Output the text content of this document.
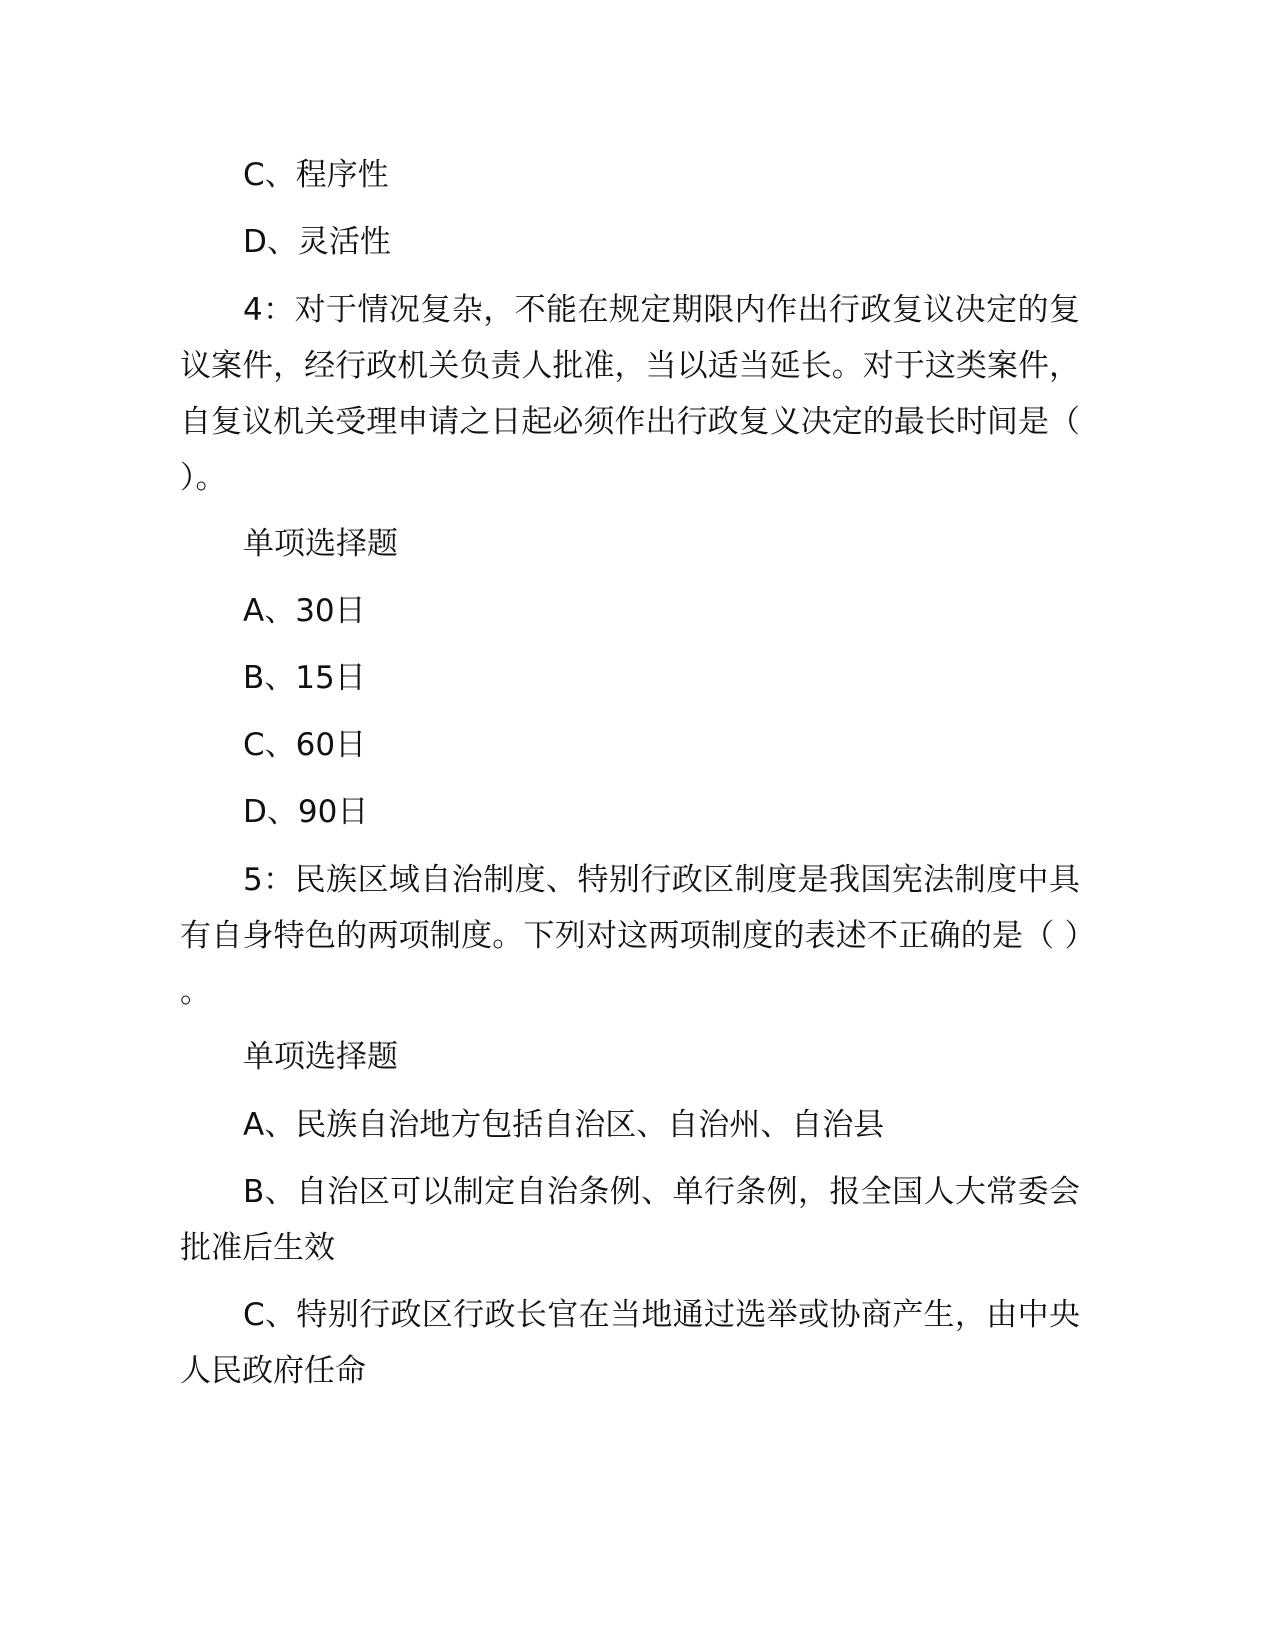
C、程序性

D、灵活性

4：对于情况复杂，不能在规定期限内作出行政复议决定的复议案件，经行政机关负责人批准，当以适当延长。对于这类案件，自复议机关受理申请之日起必须作出行政复义决定的最长时间是（ ）。

单项选择题

A、30日

B、15日

C、60日

D、90日

5：民族区域自治制度、特别行政区制度是我国宪法制度中具有自身特色的两项制度。下列对这两项制度的表述不正确的是（ ）。

单项选择题

A、民族自治地方包括自治区、自治州、自治县

B、自治区可以制定自治条例、单行条例，报全国人大常委会批准后生效

C、特别行政区行政长官在当地通过选举或协商产生，由中央人民政府任命
